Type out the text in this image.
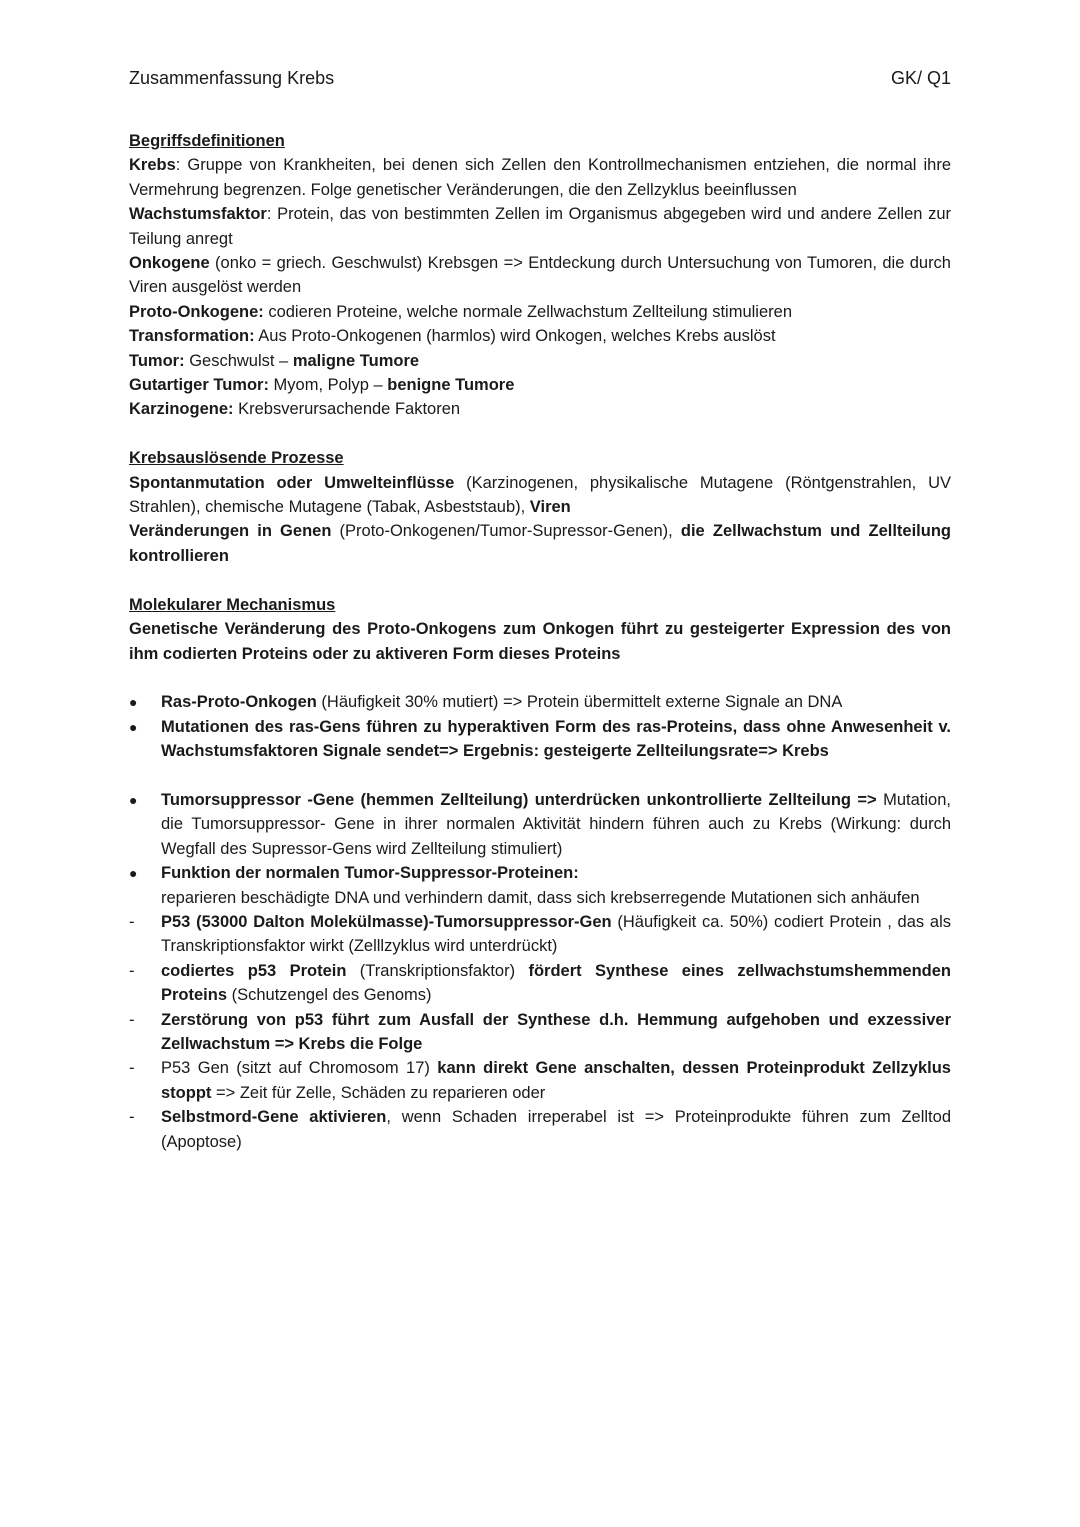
Zusammenfassung Krebs	GK/ Q1
Begriffsdefinitionen
Krebs: Gruppe von Krankheiten, bei denen sich Zellen den Kontrollmechanismen entziehen, die normal ihre Vermehrung begrenzen. Folge genetischer Veränderungen, die den Zellzyklus beeinflussen
Wachstumsfaktor: Protein, das von bestimmten Zellen im Organismus abgegeben wird und andere Zellen zur Teilung anregt
Onkogene (onko = griech. Geschwulst) Krebsgen => Entdeckung durch Untersuchung von Tumoren, die durch Viren ausgelöst werden
Proto-Onkogene: codieren Proteine, welche normale Zellwachstum Zellteilung stimulieren
Transformation: Aus Proto-Onkogenen (harmlos) wird Onkogen, welches Krebs auslöst
Tumor: Geschwulst – maligne Tumore
Gutartiger Tumor: Myom, Polyp – benigne Tumore
Karzinogene: Krebsverursachende Faktoren
Krebsauslösende Prozesse
Spontanmutation oder Umwelteinflüsse (Karzinogenen, physikalische Mutagene (Röntgenstrahlen, UV Strahlen), chemische Mutagene (Tabak, Asbeststaub), Viren
Veränderungen in Genen (Proto-Onkogenen/Tumor-Supressor-Genen), die Zellwachstum und Zellteilung kontrollieren
Molekularer Mechanismus
Genetische Veränderung des Proto-Onkogens zum Onkogen führt zu gesteigerter Expression des von ihm codierten Proteins oder zu aktiveren Form dieses Proteins
●	Ras-Proto-Onkogen (Häufigkeit 30% mutiert) => Protein übermittelt externe Signale an DNA
●	Mutationen des ras-Gens führen zu hyperaktiven Form des ras-Proteins, dass ohne Anwesenheit v. Wachstumsfaktoren Signale sendet=> Ergebnis: gesteigerte Zellteilungsrate=> Krebs
●	Tumorsuppressor -Gene (hemmen Zellteilung) unterdrücken unkontrollierte Zellteilung => Mutation, die Tumorsuppressor- Gene in ihrer normalen Aktivität hindern führen auch zu Krebs (Wirkung: durch Wegfall des Supressor-Gens wird Zellteilung stimuliert)
●	Funktion der normalen Tumor-Suppressor-Proteinen:
reparieren beschädigte DNA und verhindern damit, dass sich krebserregende Mutationen sich anhäufen
-	P53 (53000 Dalton Molekülmasse)-Tumorsuppressor-Gen (Häufigkeit ca. 50%) codiert Protein , das als Transkriptionsfaktor wirkt (Zelllzyklus wird unterdrückt)
-	codiertes p53 Protein (Transkriptionsfaktor) fördert Synthese eines zellwachstumshemmenden Proteins (Schutzengel des Genoms)
-	Zerstörung von p53 führt zum Ausfall der Synthese d.h. Hemmung aufgehoben und exzessiver Zellwachstum => Krebs die Folge
-	P53 Gen (sitzt auf Chromosom 17) kann direkt Gene anschalten, dessen Proteinprodukt Zellzyklus stoppt => Zeit für Zelle, Schäden zu reparieren oder
-	Selbstmord-Gene aktivieren, wenn Schaden irreperabel ist => Proteinprodukte führen zum Zelltod (Apoptose)
